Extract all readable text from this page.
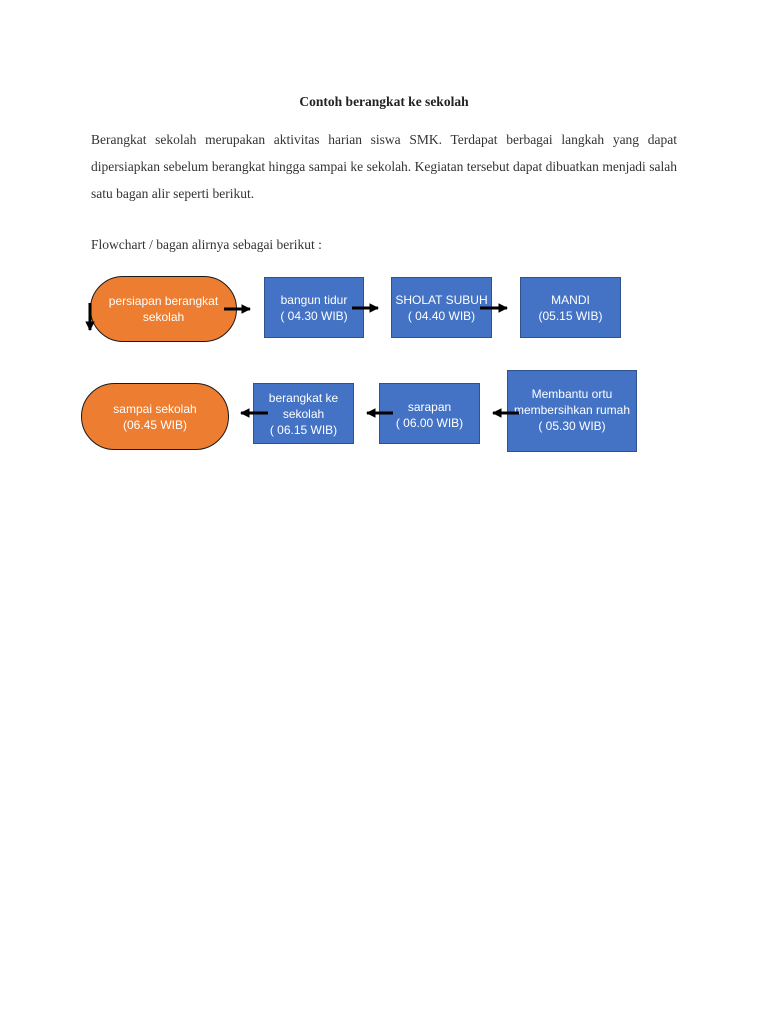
Contoh berangkat ke sekolah
Berangkat sekolah merupakan aktivitas harian siswa SMK. Terdapat berbagai langkah yang dapat dipersiapkan sebelum berangkat hingga sampai ke sekolah. Kegiatan tersebut dapat dibuatkan menjadi salah satu bagan alir seperti berikut.
Flowchart / bagan alirnya sebagai berikut :
persiapan berangkat
sekolah
bangun tidur
( 04.30 WIB)
SHOLAT SUBUH
( 04.40 WIB)
MANDI
(05.15 WIB)
Membantu ortu
membersihkan rumah
( 05.30 WIB)
sarapan
( 06.00 WIB)
berangkat ke
sekolah
( 06.15 WIB)
sampai sekolah
(06.45 WIB)
